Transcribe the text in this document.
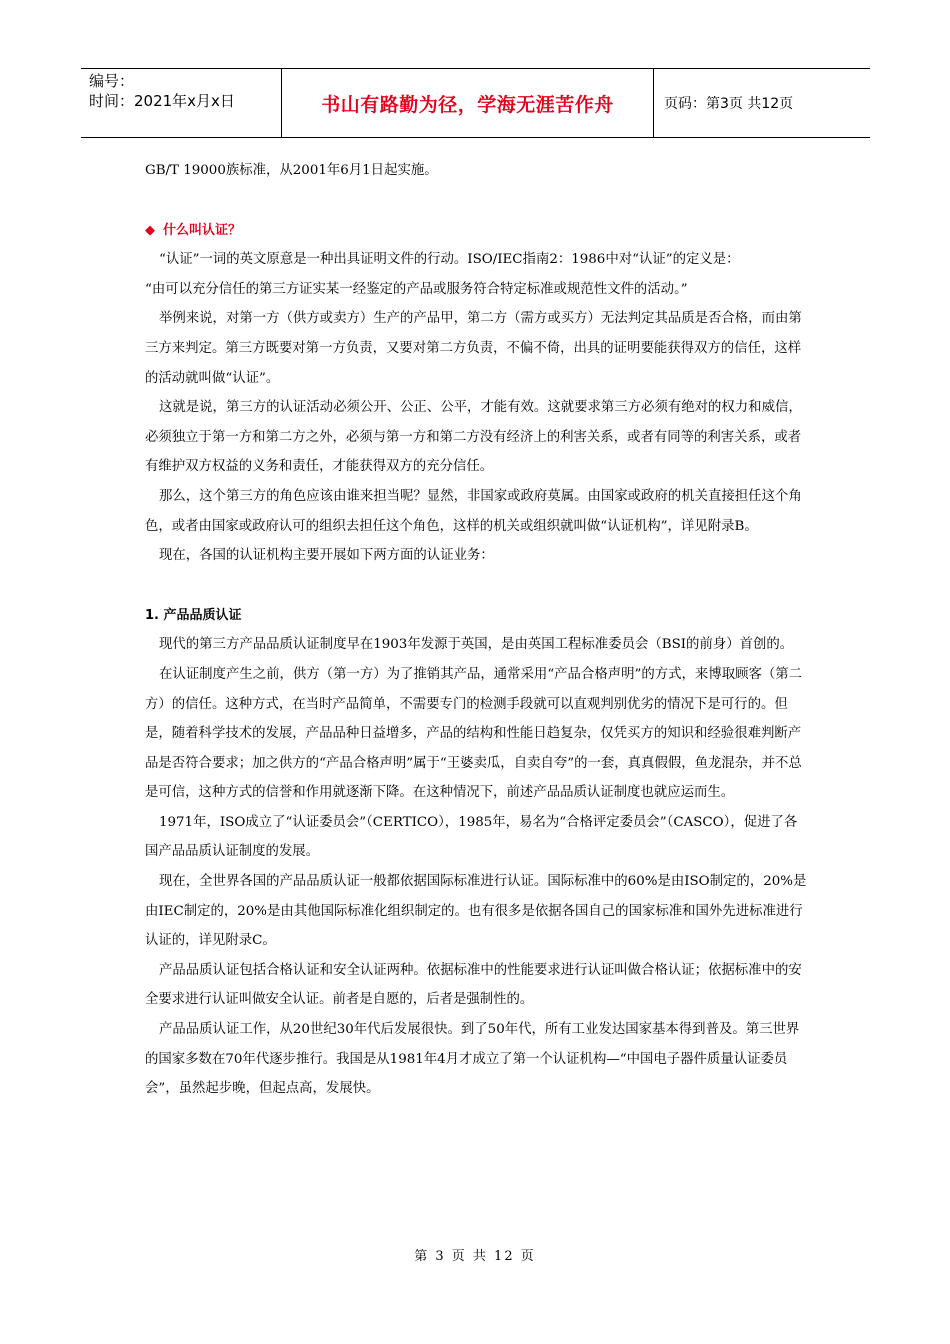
编号：
时间：2021年x月x日	书山有路勤为径，学海无涯苦作舟	页码：第3页 共12页

GB/T 19000族标准，从2001年6月1日起实施。

◆ 什么叫认证？

“认证”一词的英文原意是一种出具证明文件的行动。ISO/IEC指南2：1986中对“认证”的定义是：

“由可以充分信任的第三方证实某一经鉴定的产品或服务符合特定标准或规范性文件的活动。”

举例来说，对第一方（供方或卖方）生产的产品甲，第二方（需方或买方）无法判定其品质是否合格，而由第三方来判定。第三方既要对第一方负责，又要对第二方负责，不偏不倚，出具的证明要能获得双方的信任，这样的活动就叫做“认证”。

这就是说，第三方的认证活动必须公开、公正、公平，才能有效。这就要求第三方必须有绝对的权力和威信，必须独立于第一方和第二方之外，必须与第一方和第二方没有经济上的利害关系，或者有同等的利害关系，或者有维护双方权益的义务和责任，才能获得双方的充分信任。

那么，这个第三方的角色应该由谁来担当呢？显然，非国家或政府莫属。由国家或政府的机关直接担任这个角色，或者由国家或政府认可的组织去担任这个角色，这样的机关或组织就叫做“认证机构”，详见附录B。

现在，各国的认证机构主要开展如下两方面的认证业务：

1. 产品品质认证

现代的第三方产品品质认证制度早在1903年发源于英国，是由英国工程标准委员会（BSI的前身）首创的。

在认证制度产生之前，供方（第一方）为了推销其产品，通常采用“产品合格声明”的方式，来博取顾客（第二方）的信任。这种方式，在当时产品简单，不需要专门的检测手段就可以直观判别优劣的情况下是可行的。但是，随着科学技术的发展，产品品种日益增多，产品的结构和性能日趋复杂，仅凭买方的知识和经验很难判断产品是否符合要求；加之供方的“产品合格声明”属于“王婆卖瓜，自卖自夸”的一套，真真假假，鱼龙混杂，并不总是可信，这种方式的信誉和作用就逐渐下降。在这种情况下，前述产品品质认证制度也就应运而生。

1971年，ISO成立了“认证委员会”（CERTICO），1985年，易名为“合格评定委员会”（CASCO），促进了各国产品品质认证制度的发展。

现在，全世界各国的产品品质认证一般都依据国际标准进行认证。国际标准中的60%是由ISO制定的，20%是由IEC制定的，20%是由其他国际标准化组织制定的。也有很多是依据各国自己的国家标准和国外先进标准进行认证的，详见附录C。

产品品质认证包括合格认证和安全认证两种。依据标准中的性能要求进行认证叫做合格认证；依据标准中的安全要求进行认证叫做安全认证。前者是自愿的，后者是强制性的。

产品品质认证工作，从20世纪30年代后发展很快。到了50年代，所有工业发达国家基本得到普及。第三世界的国家多数在70年代逐步推行。我国是从1981年4月才成立了第一个认证机构—“中国电子器件质量认证委员会”，虽然起步晚，但起点高，发展快。

第 3 页 共 12 页
